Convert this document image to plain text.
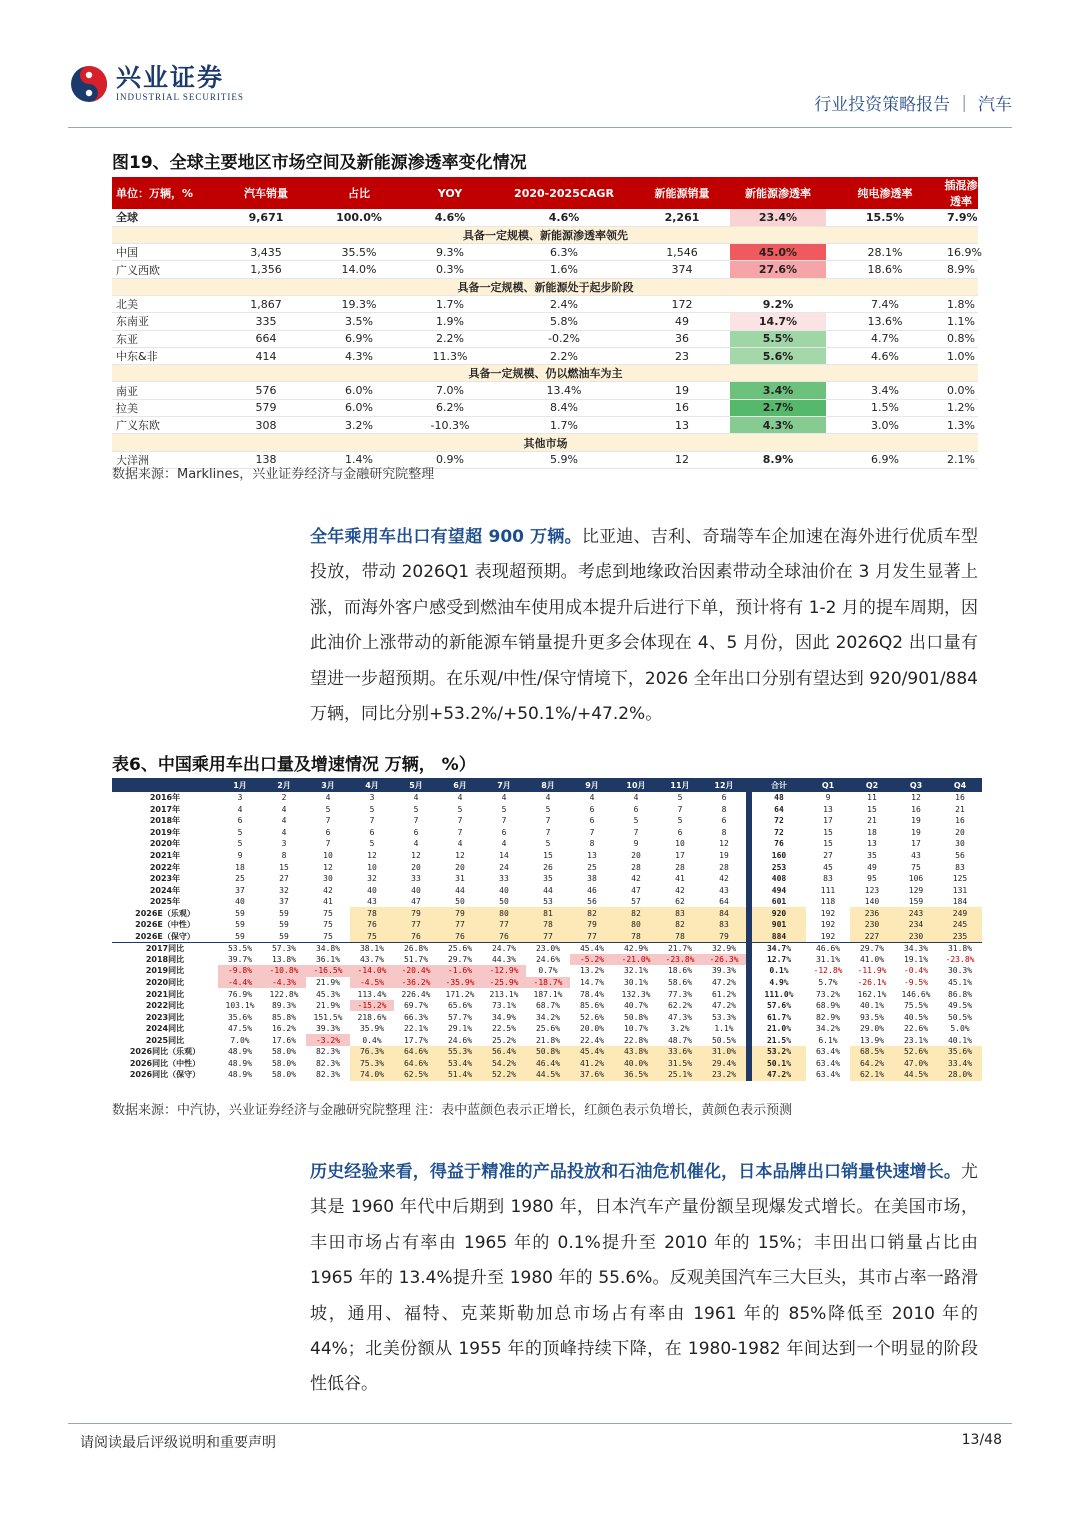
兴业证券
INDUSTRIAL SECURITIES	行业投资策略报告 ｜ 汽车
图19、全球主要地区市场空间及新能源渗透率变化情况
单位：万辆，%	汽车销量	占比	YOY	2020-2025CAGR	新能源销量	新能源渗透率	纯电渗透率	插混渗透率
全球	9,671	100.0%	4.6%	4.6%	2,261	23.4%	15.5%	7.9%
具备一定规模、新能源渗透率领先								
中国	3,435	35.5%	9.3%	6.3%	1,546	45.0%	28.1%	16.9%
广义西欧	1,356	14.0%	0.3%	1.6%	374	27.6%	18.6%	8.9%
具备一定规模、新能源处于起步阶段								
北美	1,867	19.3%	1.7%	2.4%	172	9.2%	7.4%	1.8%
东南亚	335	3.5%	1.9%	5.8%	49	14.7%	13.6%	1.1%
东亚	664	6.9%	2.2%	-0.2%	36	5.5%	4.7%	0.8%
中东&非	414	4.3%	11.3%	2.2%	23	5.6%	4.6%	1.0%
具备一定规模、仍以燃油车为主								
南亚	576	6.0%	7.0%	13.4%	19	3.4%	3.4%	0.0%
拉美	579	6.0%	6.2%	8.4%	16	2.7%	1.5%	1.2%
广义东欧	308	3.2%	-10.3%	1.7%	13	4.3%	3.0%	1.3%
其他市场								
大洋洲	138	1.4%	0.9%	5.9%	12	8.9%	6.9%	2.1%
数据来源：Marklines，兴业证券经济与金融研究院整理
全年乘用车出口有望超 900 万辆。比亚迪、吉利、奇瑞等车企加速在海外进行优质车型投放，带动 2026Q1 表现超预期。考虑到地缘政治因素带动全球油价在 3 月发生显著上涨，而海外客户感受到燃油车使用成本提升后进行下单，预计将有 1-2 月的提车周期，因此油价上涨带动的新能源车销量提升更多会体现在 4、5 月份，因此 2026Q2 出口量有望进一步超预期。在乐观/中性/保守情境下，2026 全年出口分别有望达到 920/901/884 万辆，同比分别+53.2%/+50.1%/+47.2%。
表6、中国乘用车出口量及增速情况 万辆， %）
	1月	2月	3月	4月	5月	6月	7月	8月	9月	10月	11月	12月		合计	Q1	Q2	Q3	Q4
2016年	3	2	4	3	4	4	4	4	4	4	5	6		48	9	11	12	16
2017年	4	4	5	5	5	5	5	5	6	6	7	8		64	13	15	16	21
2018年	6	4	7	7	7	7	7	7	6	5	5	6		72	17	21	19	16
2019年	5	4	6	6	6	7	6	7	7	7	6	8		72	15	18	19	20
2020年	5	3	7	5	4	4	4	5	8	9	10	12		76	15	13	17	30
2021年	9	8	10	12	12	12	14	15	13	20	17	19		160	27	35	43	56
2022年	18	15	12	10	20	20	24	26	25	28	28	28		253	45	49	75	83
2023年	25	27	30	32	33	31	33	35	38	42	41	42		408	83	95	106	125
2024年	37	32	42	40	40	44	40	44	46	47	42	43		494	111	123	129	131
2025年	40	37	41	43	47	50	50	53	56	57	62	64		601	118	140	159	184
2026E（乐观）	59	59	75	78	79	79	80	81	82	82	83	84		920	192	236	243	249
2026E（中性）	59	59	75	76	77	77	77	78	79	80	82	83		901	192	230	234	245
2026E（保守）	59	59	75	75	76	76	76	77	77	78	78	79		884	192	227	230	235
2017同比	53.5%	57.3%	34.8%	38.1%	26.8%	25.6%	24.7%	23.0%	45.4%	42.9%	21.7%	32.9%		34.7%	46.6%	29.7%	34.3%	31.8%
2018同比	39.7%	13.8%	36.1%	43.7%	51.7%	29.7%	44.3%	24.6%	-5.2%	-21.0%	-23.8%	-26.3%		12.7%	31.1%	41.0%	19.1%	-23.8%
2019同比	-9.8%	-10.8%	-16.5%	-14.0%	-20.4%	-1.6%	-12.9%	0.7%	13.2%	32.1%	18.6%	39.3%		0.1%	-12.8%	-11.9%	-0.4%	30.3%
2020同比	-4.4%	-4.3%	21.9%	-4.5%	-36.2%	-35.9%	-25.9%	-18.7%	14.7%	30.1%	58.6%	47.2%		4.9%	5.7%	-26.1%	-9.5%	45.1%
2021同比	76.9%	122.8%	45.3%	113.4%	226.4%	171.2%	213.1%	187.1%	78.4%	132.3%	77.3%	61.2%		111.0%	73.2%	162.1%	146.6%	86.8%
2022同比	103.1%	89.3%	21.9%	-15.2%	69.7%	65.6%	73.1%	68.7%	85.6%	40.7%	62.2%	47.2%		57.6%	68.9%	40.1%	75.5%	49.5%
2023同比	35.6%	85.8%	151.5%	218.6%	66.3%	57.7%	34.9%	34.2%	52.6%	50.8%	47.3%	53.3%		61.7%	82.9%	93.5%	40.5%	50.5%
2024同比	47.5%	16.2%	39.3%	35.9%	22.1%	29.1%	22.5%	25.6%	20.0%	10.7%	3.2%	1.1%		21.0%	34.2%	29.0%	22.6%	5.0%
2025同比	7.0%	17.6%	-3.2%	0.4%	17.7%	24.6%	25.2%	21.8%	22.4%	22.8%	48.7%	50.5%		21.5%	6.1%	13.9%	23.1%	40.1%
2026同比（乐观）	48.9%	58.0%	82.3%	76.3%	64.6%	55.3%	56.4%	50.8%	45.4%	43.8%	33.6%	31.0%		53.2%	63.4%	68.5%	52.6%	35.6%
2026同比（中性）	48.9%	58.0%	82.3%	75.3%	64.6%	53.4%	54.2%	46.4%	41.2%	40.0%	31.5%	29.4%		50.1%	63.4%	64.2%	47.0%	33.4%
2026同比（保守）	48.9%	58.0%	82.3%	74.0%	62.5%	51.4%	52.2%	44.5%	37.6%	36.5%	25.1%	23.2%		47.2%	63.4%	62.1%	44.5%	28.0%
数据来源：中汽协，兴业证券经济与金融研究院整理 注：表中蓝颜色表示正增长，红颜色表示负增长，黄颜色表示预测
历史经验来看，得益于精准的产品投放和石油危机催化，日本品牌出口销量快速增长。尤其是 1960 年代中后期到 1980 年，日本汽车产量份额呈现爆发式增长。在美国市场，丰田市场占有率由 1965 年的 0.1%提升至 2010 年的 15%；丰田出口销量占比由 1965 年的 13.4%提升至 1980 年的 55.6%。反观美国汽车三大巨头，其市占率一路滑坡，通用、福特、克莱斯勒加总市场占有率由 1961 年的 85%降低至 2010 年的 44%；北美份额从 1955 年的顶峰持续下降，在 1980-1982 年间达到一个明显的阶段性低谷。
请阅读最后评级说明和重要声明	13/48
